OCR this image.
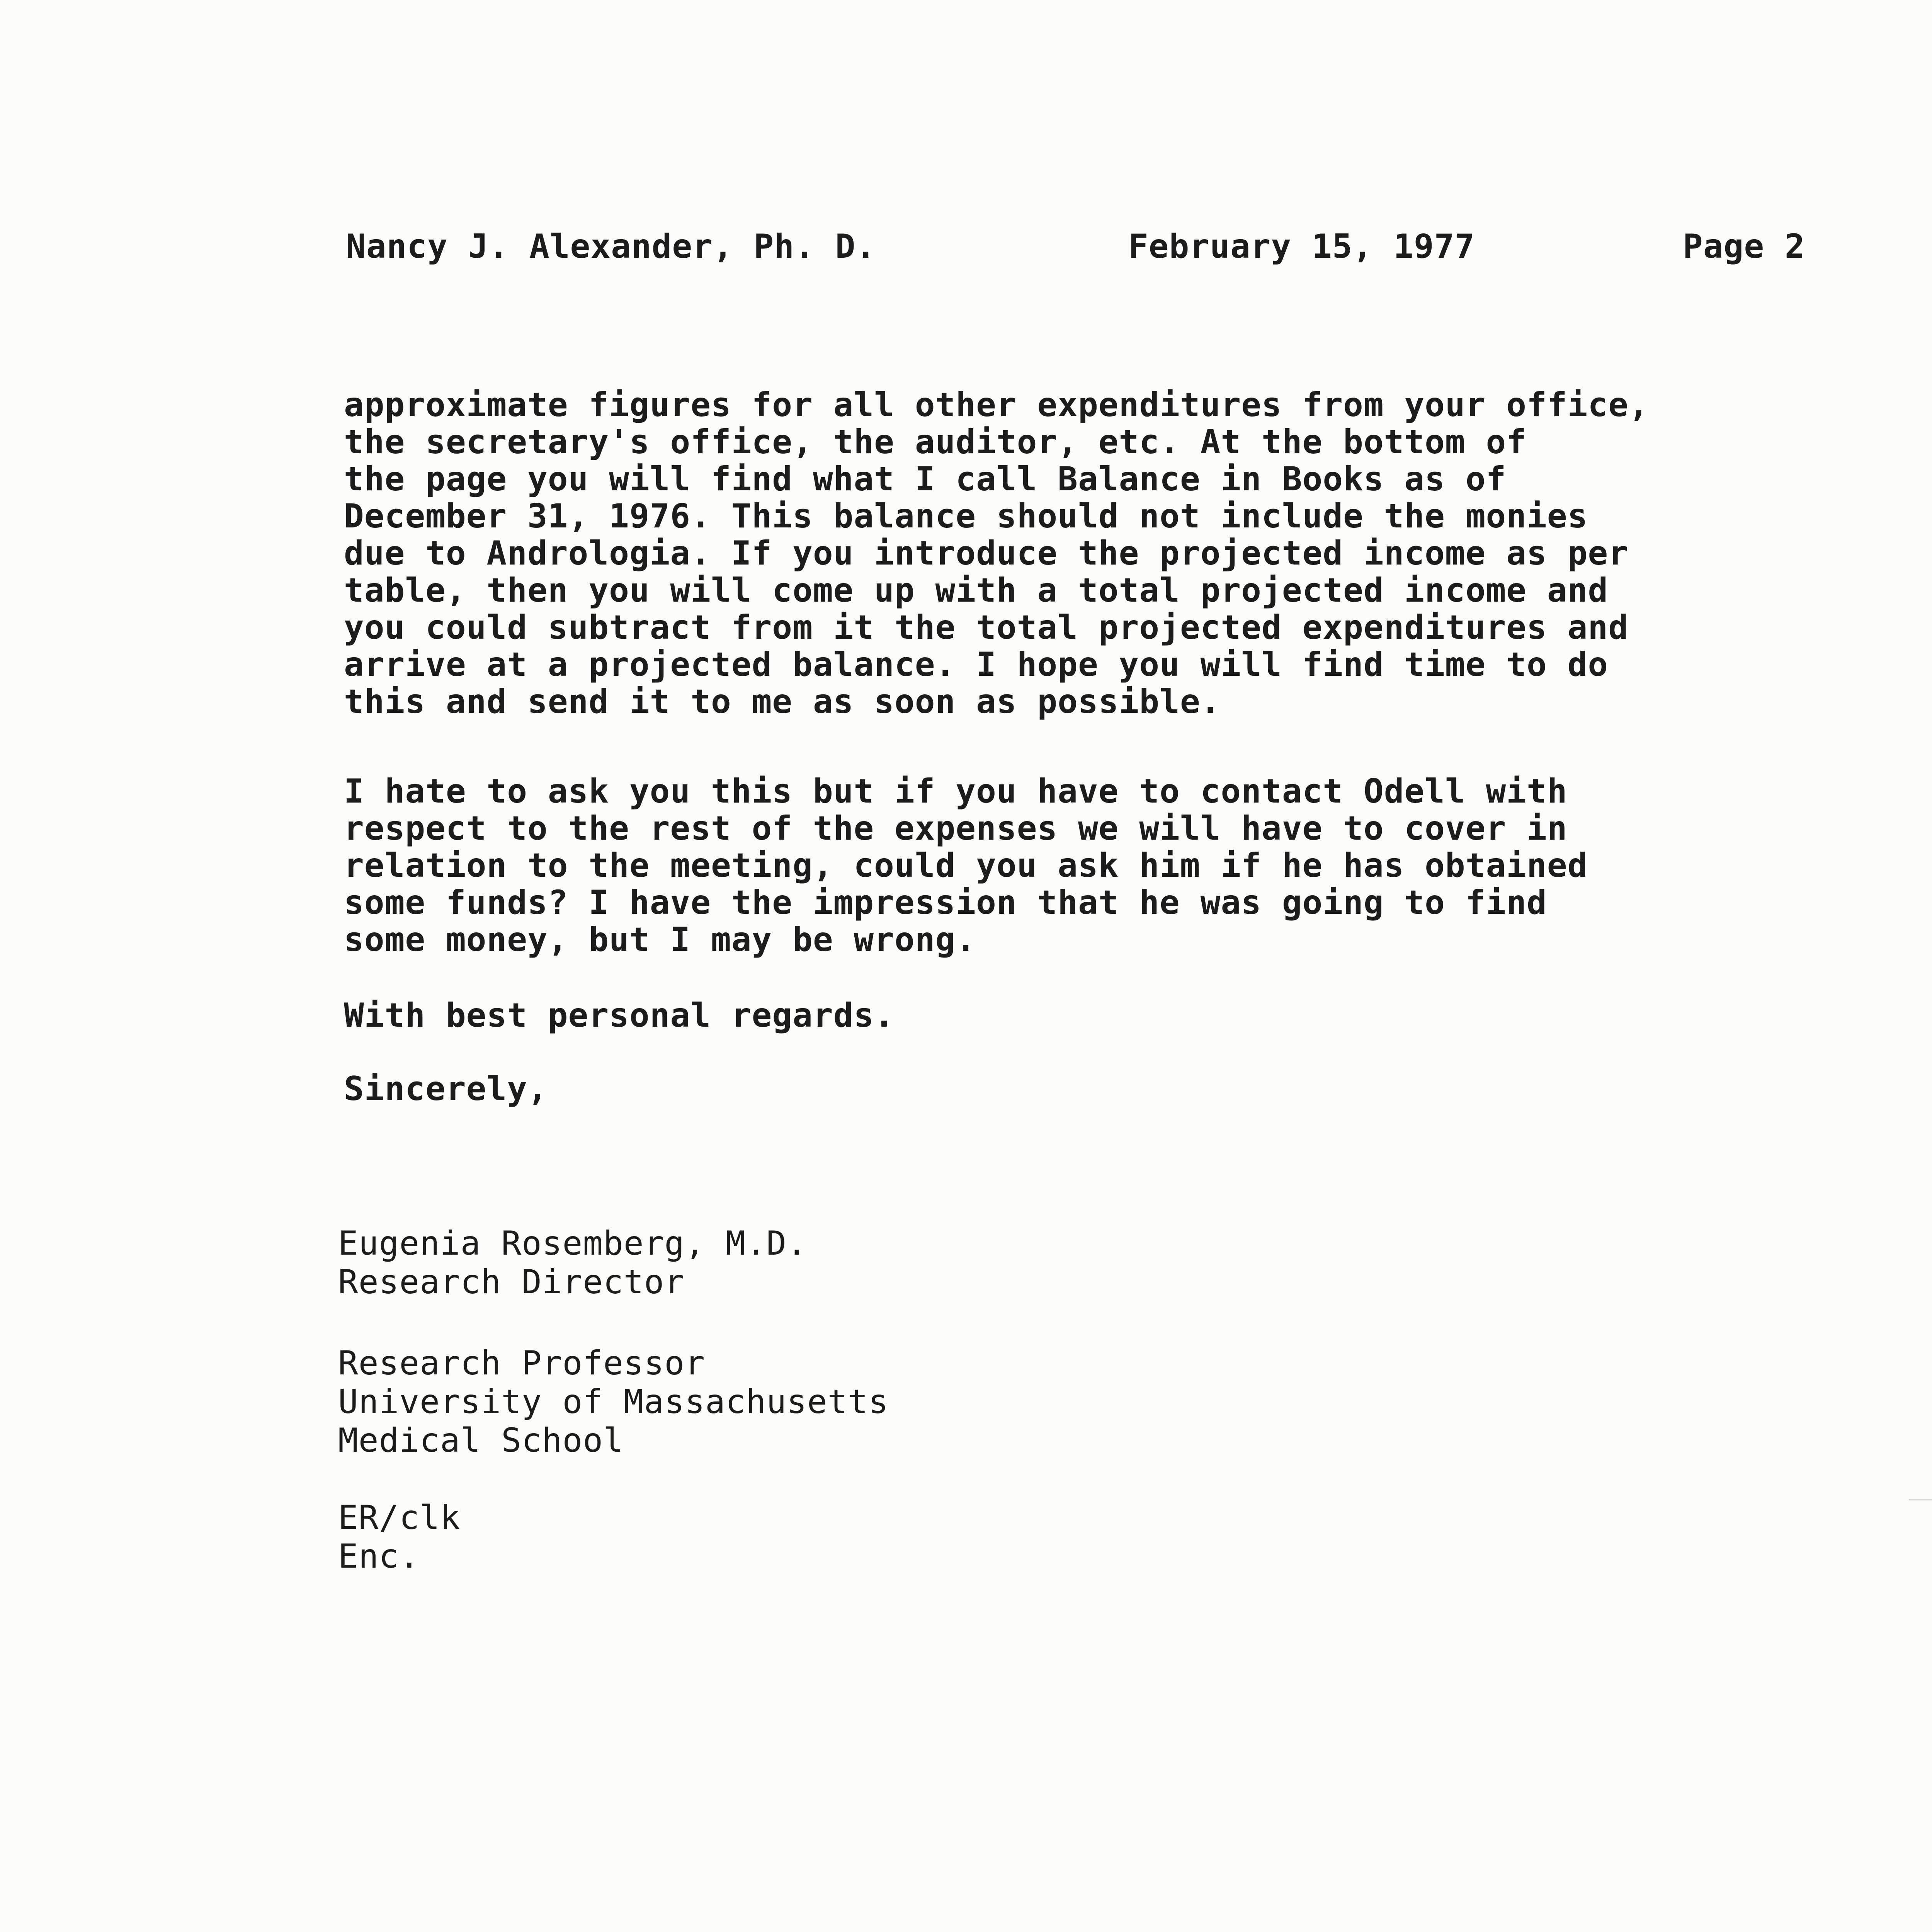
Nancy J. Alexander, Ph. D.	February 15, 1977	Page 2
approximate figures for all other expenditures from your office,
the secretary's office, the auditor, etc. At the bottom of
the page you will find what I call Balance in Books as of
December 31, 1976. This balance should not include the monies
due to Andrologia. If you introduce the projected income as per
table, then you will come up with a total projected income and
you could subtract from it the total projected expenditures and
arrive at a projected balance. I hope you will find time to do
this and send it to me as soon as possible.
I hate to ask you this but if you have to contact Odell with
respect to the rest of the expenses we will have to cover in
relation to the meeting, could you ask him if he has obtained
some funds? I have the impression that he was going to find
some money, but I may be wrong.
With best personal regards.
Sincerely,
Eugenia Rosemberg, M.D.
Research Director
Research Professor
University of Massachusetts
Medical School
ER/clk
Enc.
